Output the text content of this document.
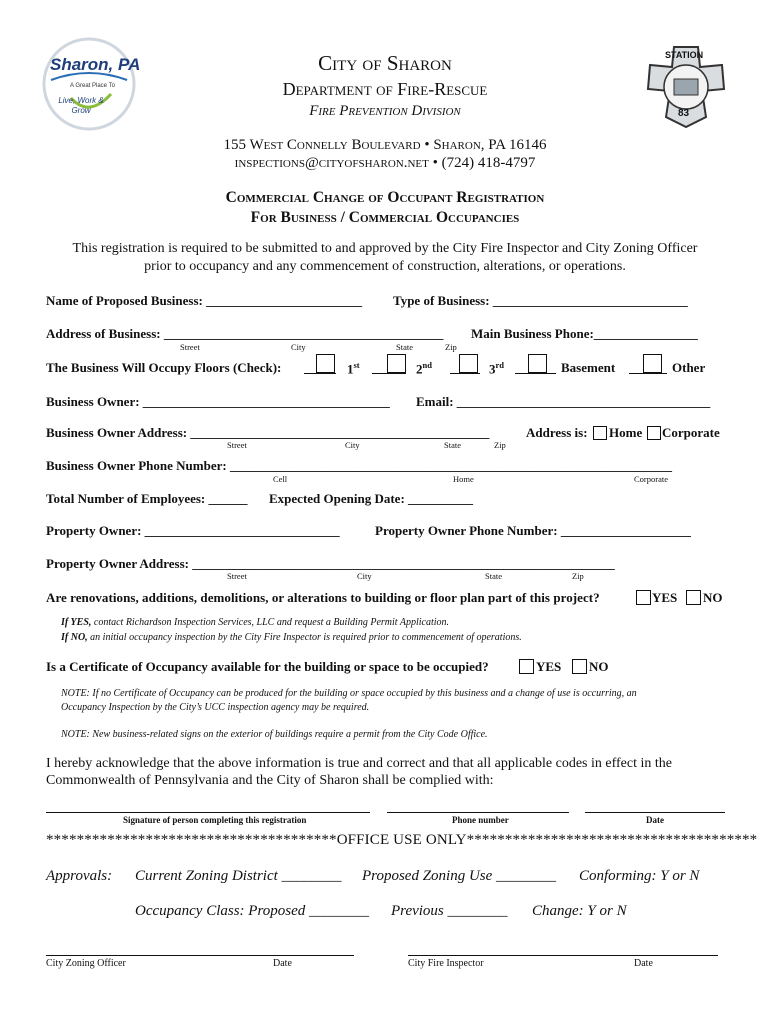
Sharon, PA
A Great Place To
Live, Work & Grow
City of Sharon
Department of Fire-Rescue
Fire Prevention Division
STATION
83
155 West Connelly Boulevard • Sharon, PA 16146
inspections@cityofsharon.net • (724) 418-4797
Commercial Change of Occupant Registration
For Business / Commercial Occupancies
This registration is required to be submitted to and approved by the City Fire Inspector and City Zoning Officer
prior to occupancy and any commencement of construction, alterations, or operations.
Name of Proposed Business: ________________________ Type of Business: ______________________________
Address of Business: ___________________________________________ Main Business Phone:________________
Street	City	State	Zip
The Business Will Occupy Floors (Check):	1st	2nd	3rd	Basement	Other
Business Owner: ______________________________________ Email: _______________________________________
Business Owner Address: ______________________________________________	Address is: Home Corporate
Street	City	State	Zip
Business Owner Phone Number: ____________________________________________________________________
Cell	Home	Corporate
Total Number of Employees: ______ Expected Opening Date: __________
Property Owner: ______________________________	Property Owner Phone Number: ____________________
Property Owner Address: _________________________________________________________________
Street	City	State	Zip
Are renovations, additions, demolitions, or alterations to building or floor plan part of this project?	YES NO
If YES, contact Richardson Inspection Services, LLC and request a Building Permit Application.
If NO, an initial occupancy inspection by the City Fire Inspector is required prior to commencement of operations.
Is a Certificate of Occupancy available for the building or space to be occupied?	YES NO
NOTE: If no Certificate of Occupancy can be produced for the building or space occupied by this business and a change of use is occurring, an
Occupancy Inspection by the City’s UCC inspection agency may be required.
NOTE: New business-related signs on the exterior of buildings require a permit from the City Code Office.
I hereby acknowledge that the above information is true and correct and that all applicable codes in effect in the
Commonwealth of Pennsylvania and the City of Sharon shall be complied with:
Signature of person completing this registration	Phone number	Date
**************************************OFFICE USE ONLY**************************************
Approvals: Current Zoning District ________ Proposed Zoning Use ________ Conforming: Y or N
Occupancy Class: Proposed ________ Previous ________ Change: Y or N
City Zoning Officer	Date	City Fire Inspector	Date
